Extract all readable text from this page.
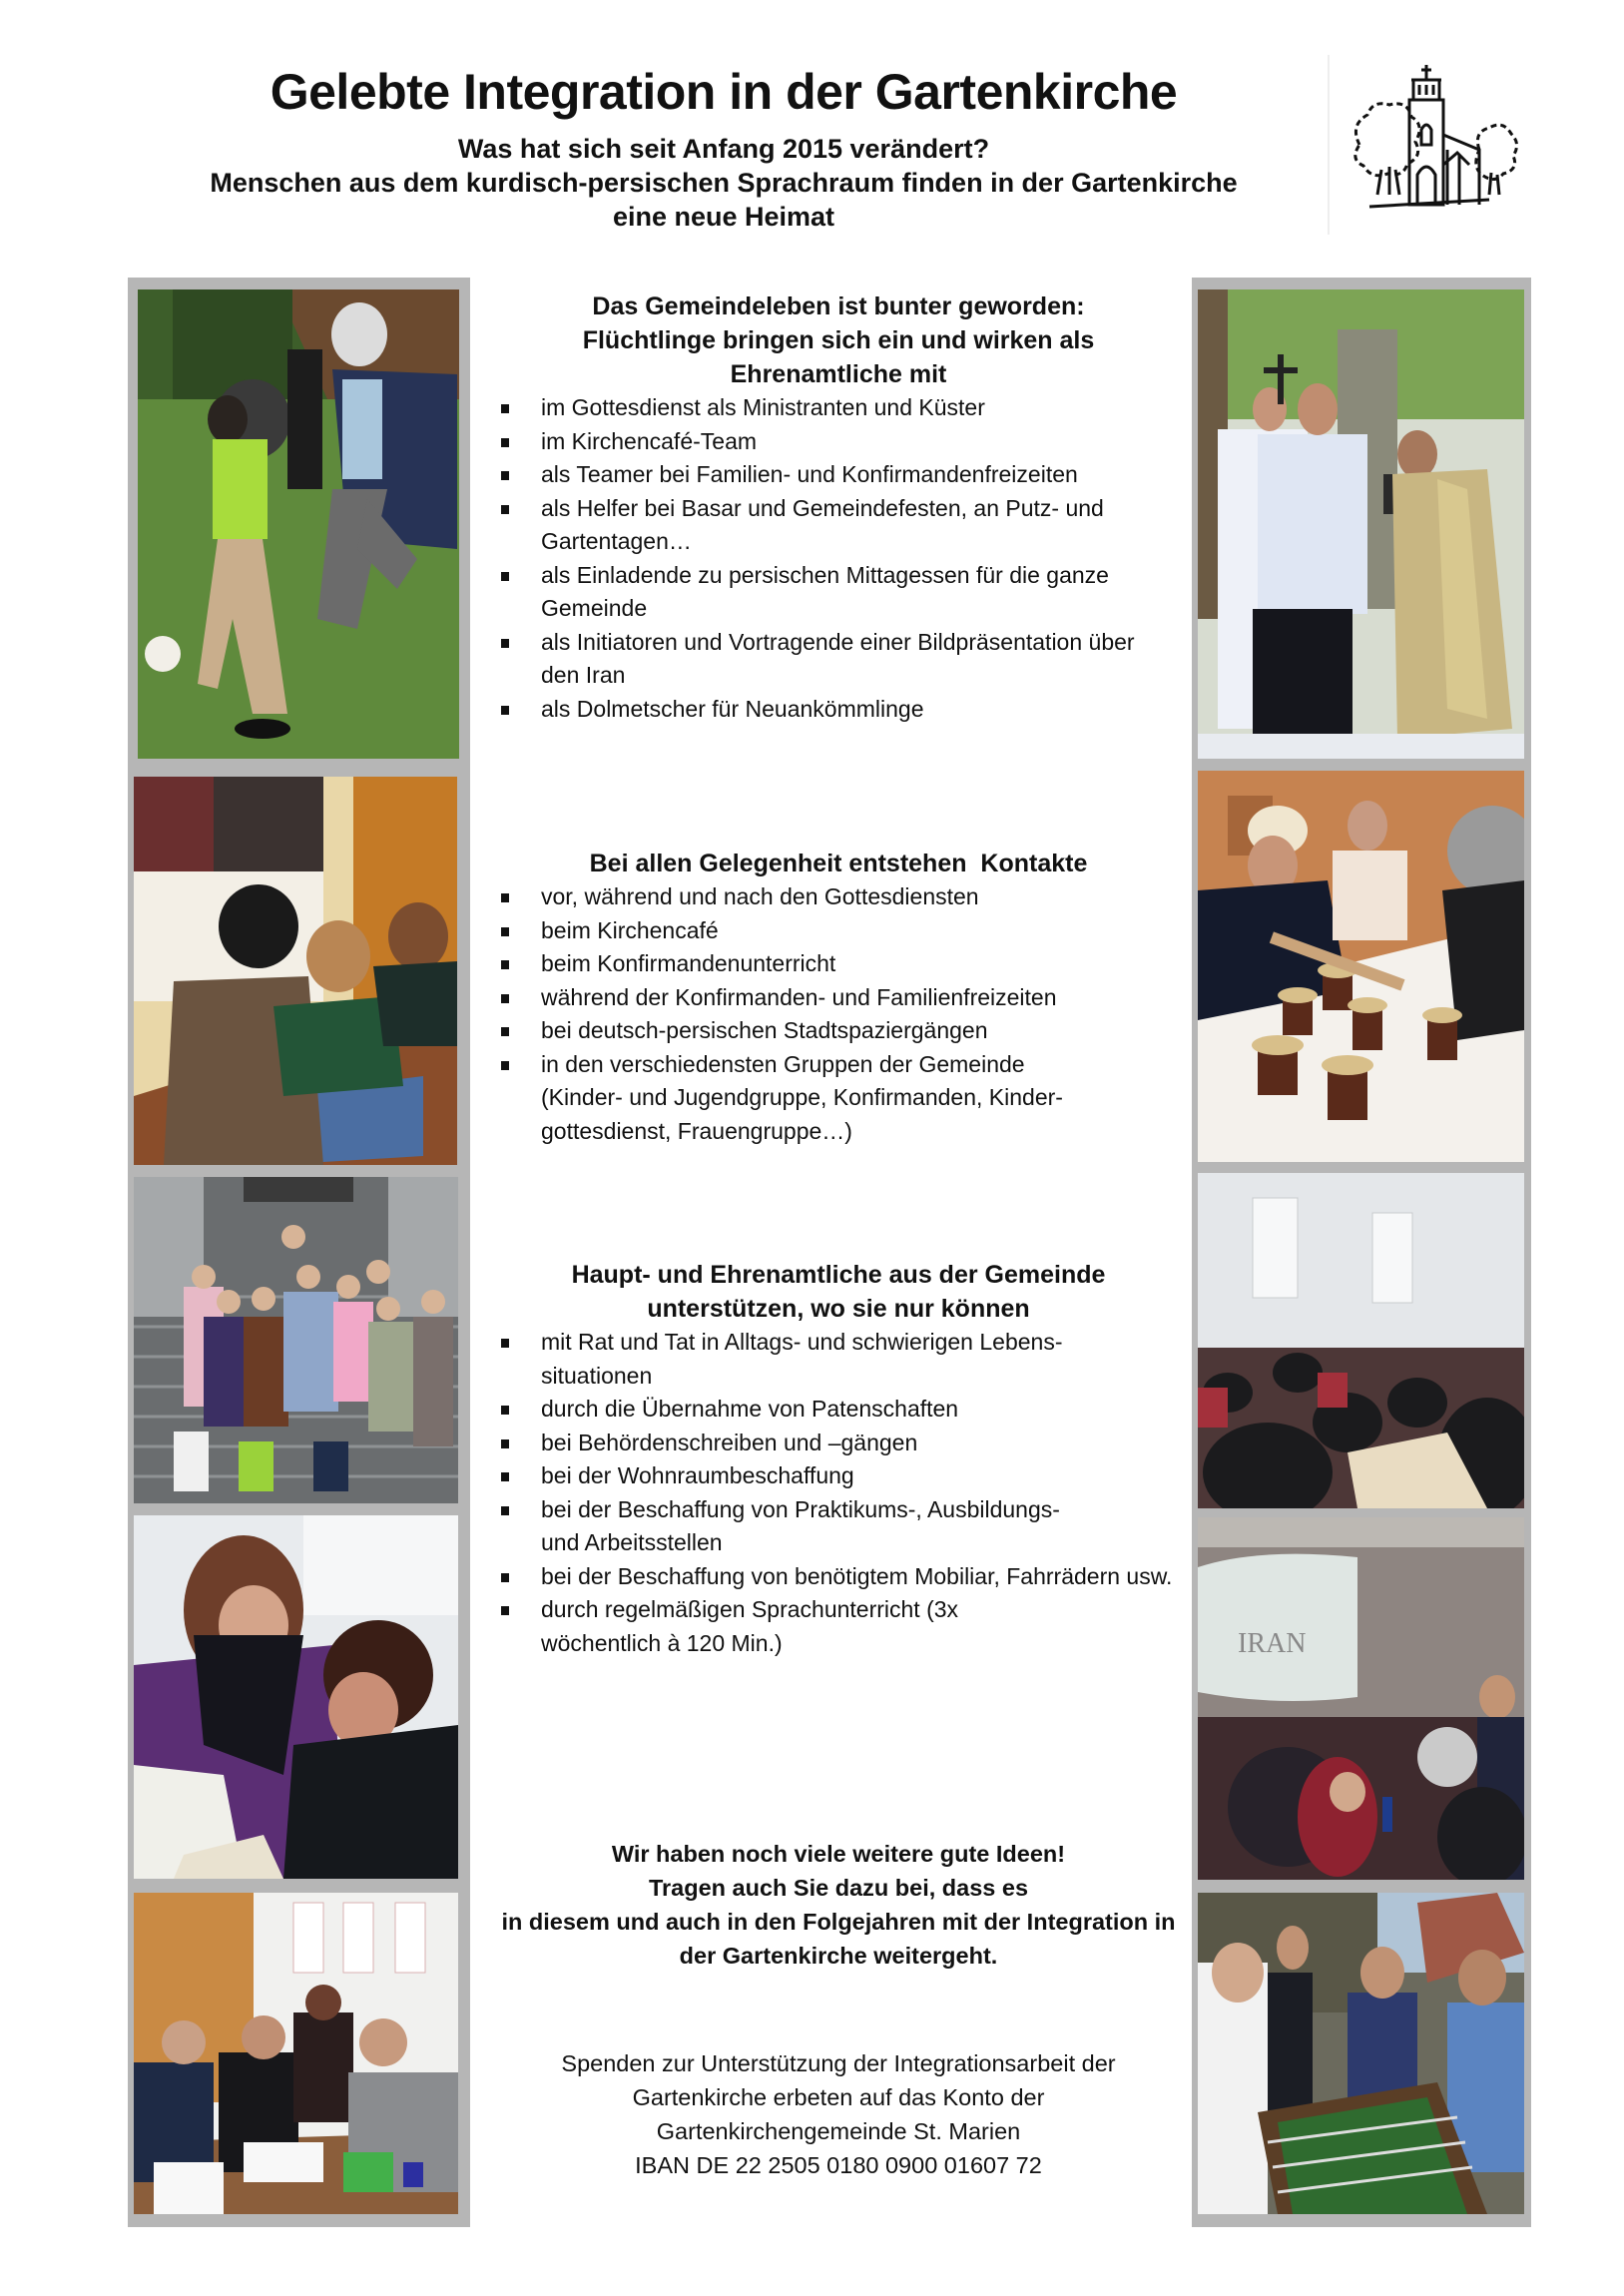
Gelebte Integration in der Gartenkirche
Was hat sich seit Anfang 2015 verändert?
Menschen aus dem kurdisch-persischen Sprachraum finden in der Gartenkirche
eine neue Heimat
IRAN
Das Gemeindeleben ist bunter geworden:
Flüchtlinge bringen sich ein und wirken als
Ehrenamtliche mit
im Gottesdienst als Ministranten und Küster
im Kirchencafé-Team
als Teamer bei Familien- und Konfirmandenfreizeiten
als Helfer bei Basar und Gemeindefesten, an Putz- und Gartentagen…
als Einladende zu persischen Mittagessen für die ganze Gemeinde
als Initiatoren und Vortragende einer Bildpräsentation über den Iran
als Dolmetscher für Neuankömmlinge
Bei allen Gelegenheit entstehen  Kontakte
vor, während und nach den Gottesdiensten
beim Kirchencafé
beim Konfirmandenunterricht
während der Konfirmanden- und Familienfreizeiten
bei deutsch-persischen Stadtspaziergängen
in den verschiedensten Gruppen der Gemeinde (Kinder- und Jugendgruppe, Konfirmanden, Kinder-gottesdienst, Frauengruppe…)
Haupt- und Ehrenamtliche aus der Gemeinde
unterstützen, wo sie nur können
mit Rat und Tat in Alltags- und schwierigen Lebens-situationen
durch die Übernahme von Patenschaften
bei Behördenschreiben und –gängen
bei der Wohnraumbeschaffung
bei der Beschaffung von Praktikums-, Ausbildungs- und Arbeitsstellen
bei der Beschaffung von benötigtem Mobiliar, Fahrrädern usw.
durch regelmäßigen Sprachunterricht (3x wöchentlich à 120 Min.)
Wir haben noch viele weitere gute Ideen!
Tragen auch Sie dazu bei, dass es
in diesem und auch in den Folgejahren mit der Integration in
der Gartenkirche weitergeht.
Spenden zur Unterstützung der Integrationsarbeit der
Gartenkirche erbeten auf das Konto der
Gartenkirchengemeinde St. Marien
IBAN DE 22 2505 0180 0900 01607 72
